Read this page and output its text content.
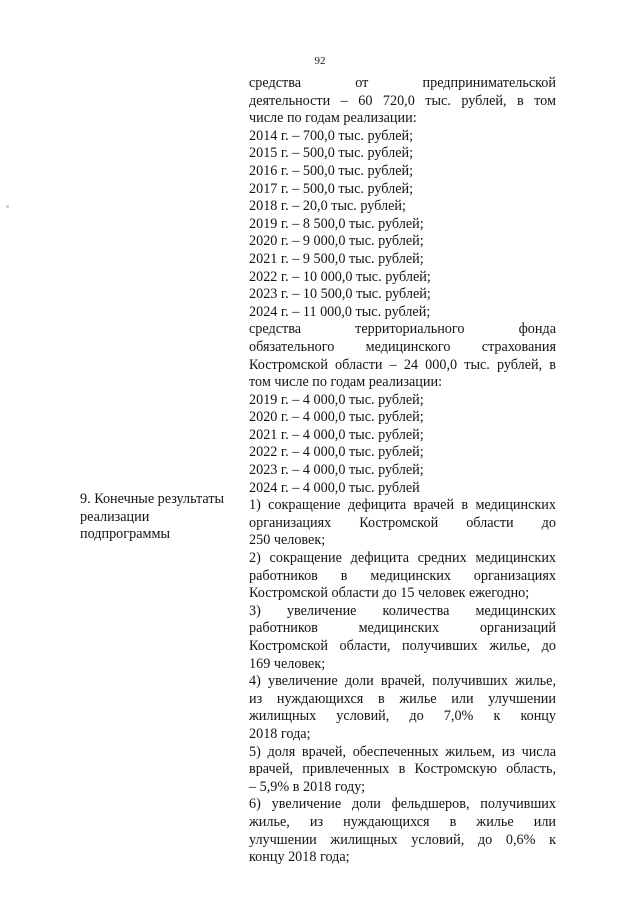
92
9. Конечные результаты
реализации
подпрограммы
средства от предпринимательской
деятельности – 60 720,0 тыс. рублей, в том
числе по годам реализации:
2014 г. – 700,0 тыс. рублей;
2015 г. – 500,0 тыс. рублей;
2016 г. – 500,0 тыс. рублей;
2017 г. – 500,0 тыс. рублей;
2018 г. – 20,0 тыс. рублей;
2019 г. – 8 500,0 тыс. рублей;
2020 г. – 9 000,0 тыс. рублей;
2021 г. – 9 500,0 тыс. рублей;
2022 г. – 10 000,0 тыс. рублей;
2023 г. – 10 500,0 тыс. рублей;
2024 г. – 11 000,0 тыс. рублей;
средства территориального фонда
обязательного медицинского страхования
Костромской области – 24 000,0 тыс. рублей, в
том числе по годам реализации:
2019 г. – 4 000,0 тыс. рублей;
2020 г. – 4 000,0 тыс. рублей;
2021 г. – 4 000,0 тыс. рублей;
2022 г. – 4 000,0 тыс. рублей;
2023 г. – 4 000,0 тыс. рублей;
2024 г. – 4 000,0 тыс. рублей
1) сокращение дефицита врачей в медицинских
организациях Костромской области до
250 человек;
2) сокращение дефицита средних медицинских
работников в медицинских организациях
Костромской области до 15 человек ежегодно;
3) увеличение количества медицинских
работников медицинских организаций
Костромской области, получивших жилье, до
169 человек;
4) увеличение доли врачей, получивших жилье,
из нуждающихся в жилье или улучшении
жилищных условий, до 7,0% к концу
2018 года;
5) доля врачей, обеспеченных жильем, из числа
врачей, привлеченных в Костромскую область,
– 5,9% в 2018 году;
6) увеличение доли фельдшеров, получивших
жилье, из нуждающихся в жилье или
улучшении жилищных условий, до 0,6% к
концу 2018 года;
